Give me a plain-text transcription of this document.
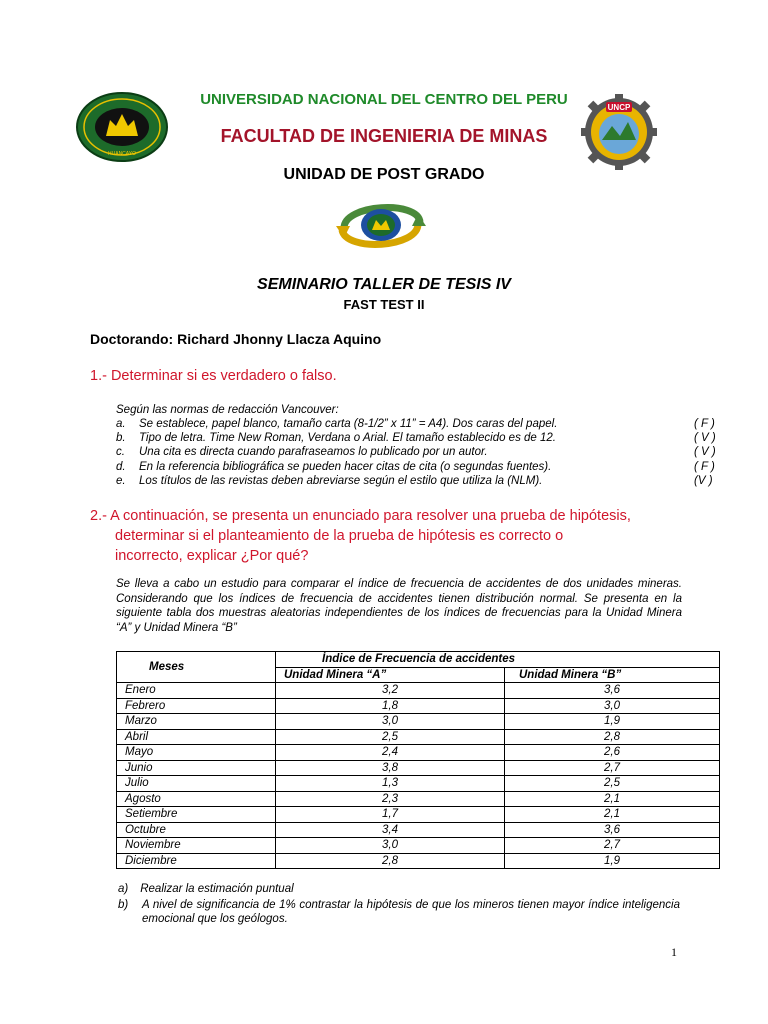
HUANCAYO
UNCP
UNIVERSIDAD NACIONAL DEL CENTRO DEL PERU
FACULTAD DE INGENIERIA DE MINAS
UNIDAD DE POST GRADO
SEMINARIO TALLER DE TESIS IV
FAST TEST II
Doctorando: Richard Jhonny Llacza Aquino
1.- Determinar si es verdadero o falso.
Según las normas de redacción Vancouver:
a. Se establece, papel blanco, tamaño carta (8-1/2” x 11” = A4). Dos caras del papel.	( F )
b. Tipo de letra. Time New Roman, Verdana o Arial. El tamaño establecido es de 12.	( V )
c. Una cita es directa cuando parafraseamos lo publicado por un autor.	( V )
d. En la referencia bibliográfica se pueden hacer citas de cita (o segundas fuentes).	( F )
e. Los títulos de las revistas deben abreviarse según el estilo que utiliza la (NLM).	(V )
2.- A continuación, se presenta un enunciado para resolver una prueba de hipótesis,
determinar si el planteamiento de la prueba de hipótesis es correcto o
incorrecto, explicar ¿Por qué?
Se lleva a cabo un estudio para comparar el índice de frecuencia de accidentes de dos unidades mineras. Considerando que los índices de frecuencia de accidentes tienen distribución normal. Se presenta en la siguiente tabla dos muestras aleatorias independientes de los índices de frecuencias para la Unidad Minera “A” y Unidad Minera “B”
Meses	Índice de Frecuencia de accidentes	
	Unidad Minera “A”	Unidad Minera “B”
Enero	3,2	3,6
Febrero	1,8	3,0
Marzo	3,0	1,9
Abril	2,5	2,8
Mayo	2,4	2,6
Junio	3,8	2,7
Julio	1,3	2,5
Agosto	2,3	2,1
Setiembre	1,7	2,1
Octubre	3,4	3,6
Noviembre	3,0	2,7
Diciembre	2,8	1,9
a) Realizar la estimación puntual
b)	A nivel de significancia de 1% contrastar la hipótesis de que los mineros tienen mayor índice inteligencia emocional que los geólogos.
1
